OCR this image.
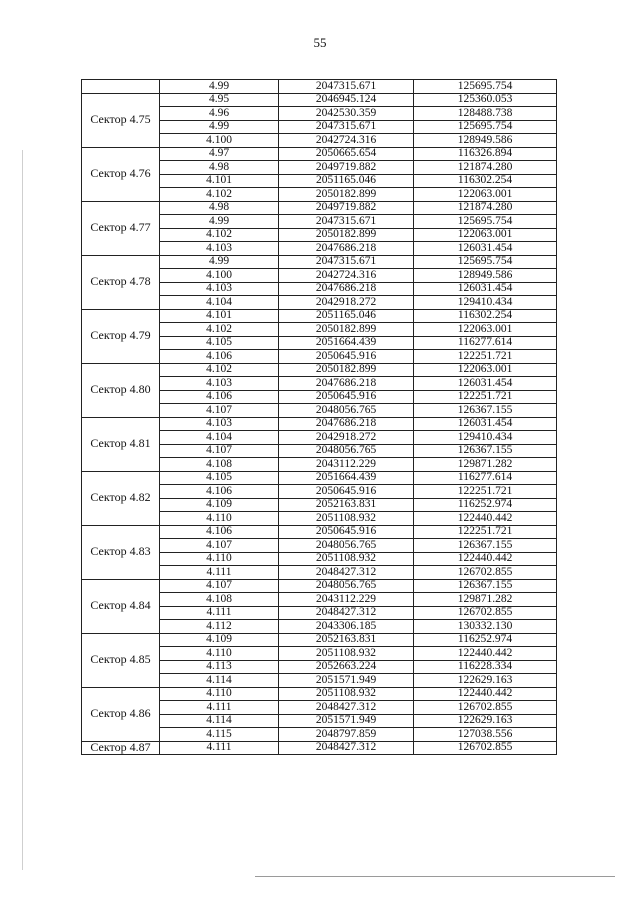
55
	4.99	2047315.671	125695.754
Сектор 4.75	4.95	2046945.124	125360.053
	4.96	2042530.359	128488.738
	4.99	2047315.671	125695.754
	4.100	2042724.316	128949.586
Сектор 4.76	4.97	2050665.654	116326.894
	4.98	2049719.882	121874.280
	4.101	2051165.046	116302.254
	4.102	2050182.899	122063.001
Сектор 4.77	4.98	2049719.882	121874.280
	4.99	2047315.671	125695.754
	4.102	2050182.899	122063.001
	4.103	2047686.218	126031.454
Сектор 4.78	4.99	2047315.671	125695.754
	4.100	2042724.316	128949.586
	4.103	2047686.218	126031.454
	4.104	2042918.272	129410.434
Сектор 4.79	4.101	2051165.046	116302.254
	4.102	2050182.899	122063.001
	4.105	2051664.439	116277.614
	4.106	2050645.916	122251.721
Сектор 4.80	4.102	2050182.899	122063.001
	4.103	2047686.218	126031.454
	4.106	2050645.916	122251.721
	4.107	2048056.765	126367.155
Сектор 4.81	4.103	2047686.218	126031.454
	4.104	2042918.272	129410.434
	4.107	2048056.765	126367.155
	4.108	2043112.229	129871.282
Сектор 4.82	4.105	2051664.439	116277.614
	4.106	2050645.916	122251.721
	4.109	2052163.831	116252.974
	4.110	2051108.932	122440.442
Сектор 4.83	4.106	2050645.916	122251.721
	4.107	2048056.765	126367.155
	4.110	2051108.932	122440.442
	4.111	2048427.312	126702.855
Сектор 4.84	4.107	2048056.765	126367.155
	4.108	2043112.229	129871.282
	4.111	2048427.312	126702.855
	4.112	2043306.185	130332.130
Сектор 4.85	4.109	2052163.831	116252.974
	4.110	2051108.932	122440.442
	4.113	2052663.224	116228.334
	4.114	2051571.949	122629.163
Сектор 4.86	4.110	2051108.932	122440.442
	4.111	2048427.312	126702.855
	4.114	2051571.949	122629.163
	4.115	2048797.859	127038.556
Сектор 4.87	4.111	2048427.312	126702.855
